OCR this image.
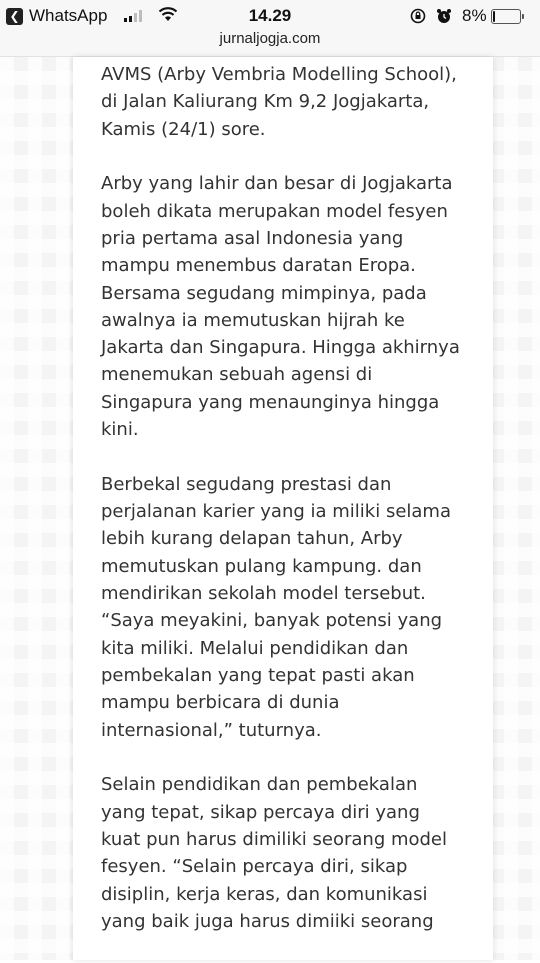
❮ WhatsApp	14.29	8%
jurnaljogja.com

AVMS (Arby Vembria Modelling School), di Jalan Kaliurang Km 9,2 Jogjakarta, Kamis (24/1) sore.

Arby yang lahir dan besar di Jogjakarta boleh dikata merupakan model fesyen pria pertama asal Indonesia yang mampu menembus daratan Eropa. Bersama segudang mimpinya, pada awalnya ia memutuskan hijrah ke Jakarta dan Singapura. Hingga akhirnya menemukan sebuah agensi di Singapura yang menaunginya hingga kini.

Berbekal segudang prestasi dan perjalanan karier yang ia miliki selama lebih kurang delapan tahun, Arby memutuskan pulang kampung. dan mendirikan sekolah model tersebut. “Saya meyakini, banyak potensi yang kita miliki. Melalui pendidikan dan pembekalan yang tepat pasti akan mampu berbicara di dunia internasional,” tuturnya.

Selain pendidikan dan pembekalan yang tepat, sikap percaya diri yang kuat pun harus dimiliki seorang model fesyen. “Selain percaya diri, sikap disiplin, kerja keras, dan komunikasi yang baik juga harus dimiiki seorang
